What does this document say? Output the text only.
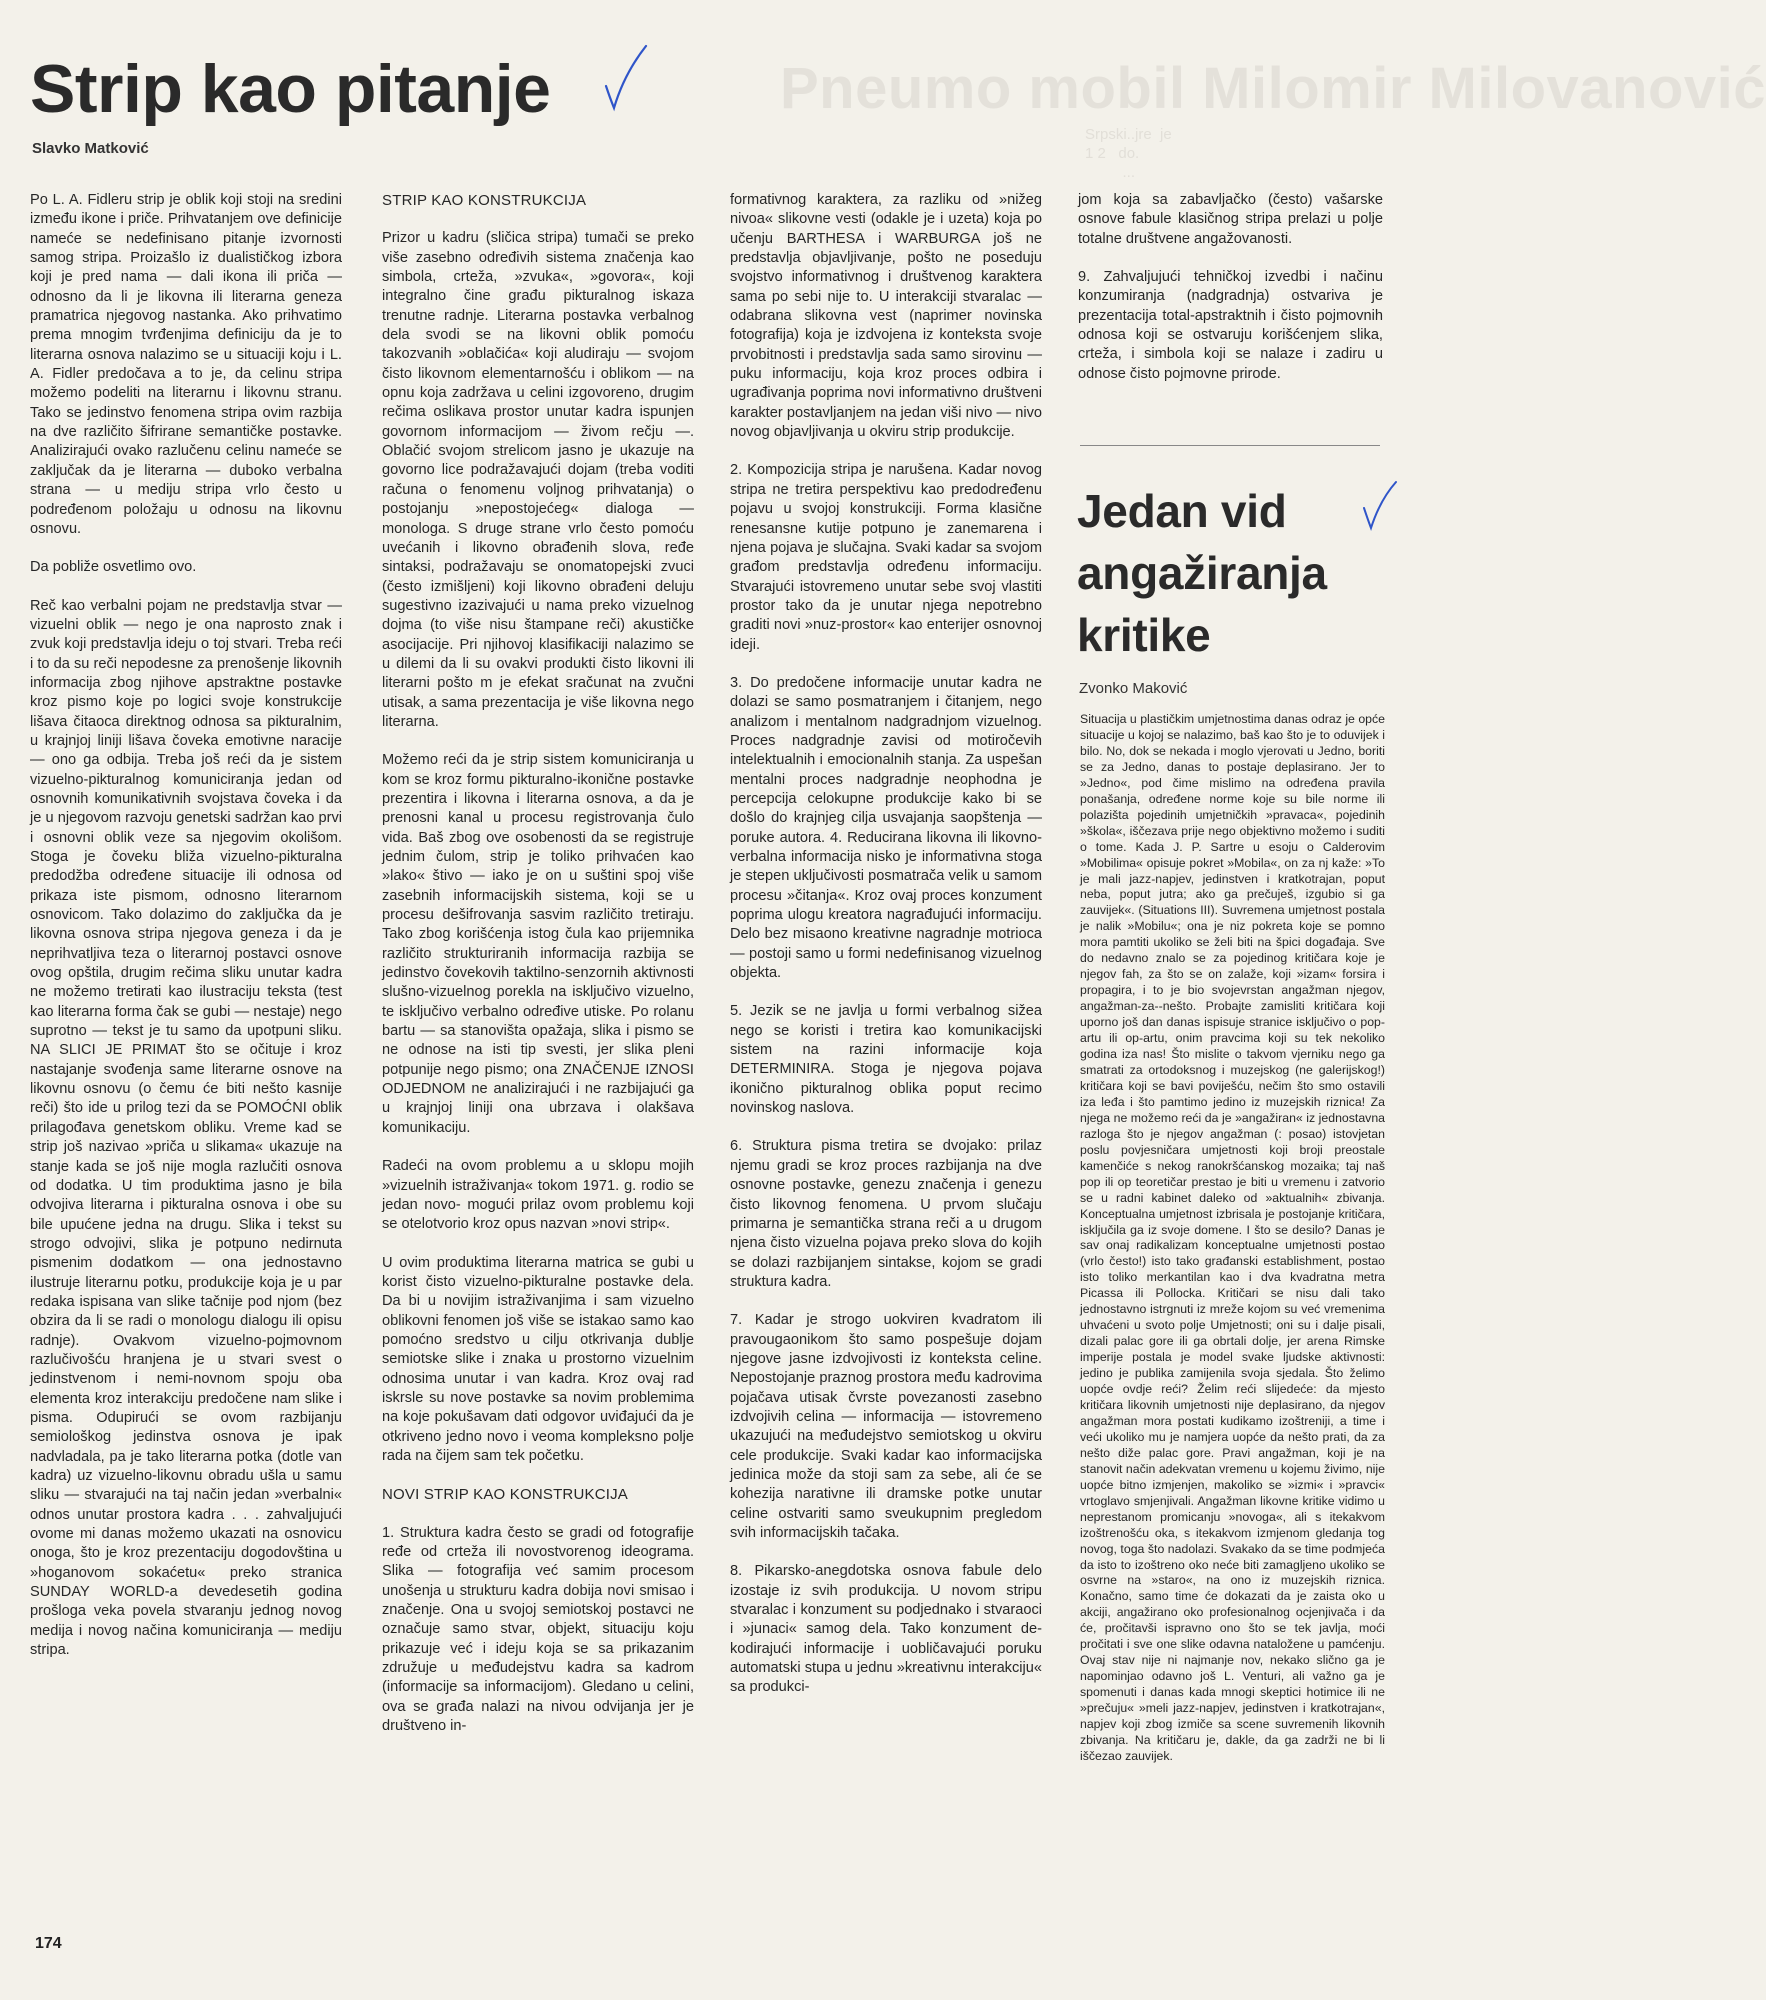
Pneumo mobil Milomir Milovanović
Srpski..jre  je
1 2   do.
...
Strip kao pitanje
Slavko Matković

Po L. A. Fidleru strip je oblik koji stoji na sredini između ikone i priče. Prihvatanjem ove definicije nameće se nedefinisano pitanje izvornosti samog stripa. Proizašlo iz dualističkog izbora koji je pred nama — dali ikona ili priča — odnosno da li je likovna ili literarna geneza pramatrica njegovog nastanka. Ako prihvatimo premа mnogim tvrđenjima definiciju da je to literarna osnova nalazimo se u situaciji koju i L. A. Fidler predočava a to je, da celinu stripa možemo podeliti na literarnu i likovnu stranu. Tako se jedinstvo fenomena stripa ovim razbija na dve različito šifrirane semantičke postavke. Analizirajući ovako razlučenu celinu nameće se zaključak da je literarna — duboko verbalna strana — u mediju stripa vrlo često u podređenom položaju u odnosu na likovnu osnovu.

Da pobliže osvetlimo ovo.

Reč kao verbalni pojam ne predstavlja stvar — vizuelni oblik — nego je ona naprosto znak i zvuk koji predstavlja ideju o toj stvari. Treba reći i to da su reči nepodesne za prenošenje likovnih informacija zbog njihove apstraktne postavke kroz pismo koje po logici svoje konstrukcije lišava čitaoca direktnog odnosa sa pikturalnim, u krajnjoj liniji lišava čoveka emotivne naracije — ono ga odbija. Treba još reći da je sistem vizuelno-pikturalnog komuniciranja jedan od osnovnih komunikativnih svojstava čoveka i da je u njegovom razvoju genetski sadržan kao prvi i osnovni oblik veze sa njegovim okolišom. Stoga je čoveku bliža vizuelno-pikturalna predodžba određene situacije ili odnosa od prikaza iste pismom, odnosno literarnom osnovicom. Tako dolazimo do zaključka da je likovna osnova stripa njegova geneza i da je neprihvatljiva teza o literarnoj postavci osnove ovog opštila, drugim rečima sliku unutar kadra ne možemo tretirati kao ilustraciju teksta (test kao literarna forma čak se gubi — nestaje) nego suprotno — tekst je tu samo da upotpuni sliku. NA SLICI JE PRIMAT što se očituje i kroz nastajanje svođenja same literarne osnove na likovnu osnovu (o čemu će biti nešto kasnije reči) što ide u prilog tezi da se POMOĆNI oblik prilagođava genetskom obliku. Vreme kad se strip još nazivao »priča u slikama« ukazuje na stanje kada se još nije mogla razlučiti osnova od dodatka. U tim produktima jasno je bila odvojiva literarna i pikturalna osnova i obe su bile upućene jedna na drugu. Slika i tekst su strogo odvojivi, slika je potpuno nedirnuta pismenim dodatkom — ona jednostavno ilustruje literarnu potku, produkcije koja je u par redaka ispisana van slike tačnije pod njom (bez obzira da li se radi o monologu dialogu ili opisu radnje). Ovakvom vizuelno-pojmovnom razlučivošću hranjena je u stvari svest o jedinstvenom i nemi-novnom spoju oba elementa kroz interakciju predočene nam slike i pisma. Odupirući se ovom razbijanju semiološkog jedinstva osnova je ipak nadvladala, pa je tako literarna potka (dotle van kadra) uz vizuelno-likovnu obradu ušla u samu sliku — stvarajući na taj način jedan »verbalni« odnos unutar prostora kadra . . . zahvaljujući ovome mi danas možemo ukazati na osnovicu onoga, što je kroz prezentaciju dogodovština u »hoganovom sokaćetu« preko stranica SUNDAY WORLD-a devedesetih godina prošloga veka povela stvaranju jednog novog medija i novog načina komuniciranja — mediju stripa.

STRIP KAO KONSTRUKCIJA

Prizor u kadru (sličica stripa) tumači se preko više zasebno određivih sistema značenja kao simbola, crteža, »zvuka«, »govora«, koji integralno čine građu pikturalnog iskaza trenutne radnje. Literarna postavka verbalnog dela svodi se na likovni oblik pomoću takozvanih »oblačića« koji aludiraju — svojom čisto likovnom elementarnošću i oblikom — na opnu koja zadržava u celini izgovoreno, drugim rečima oslikava prostor unutar kadra ispunjen govornom informacijom — živom rečju —. Oblačić svojom strelicom jasno je ukazuje na govorno lice podražavajući dojam (treba voditi računa o fenomenu voljnog prihvatanja) o postojanju »nepostojećeg« dialoga — monologa. S druge strane vrlo često pomoću uvećanih i likovno obrađenih slova, ređe sintaksi, podražavaju se onomatopejski zvuci (često izmišljeni) koji likovno obrađeni deluju sugestivno izazivajući u nama preko vizuelnog dojma (to više nisu štampane reči) akustičke asocijacije. Pri njihovoj klasifikaciji nalazimo se u dilemi da li su ovakvi produkti čisto likovni ili literarni pošto m je efekat sračunat na zvučni utisak, a sama prezentacija je više likovna nego literarna.

Možemo reći da je strip sistem komuniciranja u kom se kroz formu pikturalno-ikoničnе postavke prezentira i likovna i literarna osnova, a da je prenosni kanal u procesu registrovanja čulo vida. Baš zbog ove osobenosti da se registruje jednim čulom, strip je toliko prihvaćen kao »lako« štivo — iako je on u suštini spoj više zasebnih informacijskih sistema, koji se u procesu dešifrovanja sasvim različito tretiraju. Tako zbog korišćenja istog čula kao prijemnika različito strukturiranih informacija razbija se jedinstvo čovekovih taktilno-senzornih aktivnosti slušno-vizuelnog porekla na isključivo vizuelno, te isključivo verbalno određive utiske. Po rolanu bartu — sa stanovišta opažaja, slika i pismo se ne odnose na isti tip svesti, jer slika pleni potpunije nego pismo; ona ZNAČENJE IZNOSI ODJEDNOM ne analizirajući i ne razbijajući ga u krajnjoj liniji ona ubrzava i olakšava komunikaciju.

Radeći na ovom problemu a u sklopu mojih »vizuelnih istraživanja« tokom 1971. g. rodio se jedan novo- mogući prilaz ovom problemu koji se otelotvorio kroz opus nazvan »novi strip«.

U ovim produktima literarna matrica se gubi u korist čisto vizuelno-pikturalne postavke dela. Da bi u novijim istraživanjima i sam vizuelno oblikovni fenomen još više se istakao samo kao pomoćno sredstvo u cilju otkrivanja dublje semiotske slike i znaka u prostorno vizuelnim odnosima unutar i van kadra. Kroz ovaj rad iskrsle su nove postavke sa novim problemima na koje pokušavam dati odgovor uviđajući da je otkriveno jedno novo i veoma kompleksno polje rada na čijem sam tek početku.

NOVI STRIP KAO KONSTRUKCIJA

1. Struktura kadra često se gradi od fotografije ređe od crteža ili novostvorenog ideograma. Slika — fotografija već samim procesom unošenja u strukturu kadra dobija novi smisao i značenje. Ona u svojoj semiotskoj postavci ne označuje samo stvar, objekt, situaciju koju prikazuje već i ideju koja se sa prikazanim združuje u međudejstvu kadra sa kadrom (informacije sa informacijom). Gledano u celini, ova se građa nalazi na nivou odvijanja jer je društveno in-

formativnog karaktera, za razliku od »nižeg nivoa« slikovne vesti (odakle je i uzeta) koja po učenju BARTHESA i WARBURGA još ne predstavlja objavljivanje, pošto ne poseduju svojstvo informativnog i društvenog karaktera sama po sebi nije to. U interakciji stvaralac — odabrana slikovna vest (naprimer novinska fotografija) koja je izdvojena iz konteksta svoje prvobitnosti i predstavlja sada samo sirovinu — puku informaciju, koja kroz proces odbira i ugrađivanja poprima novi informativno društveni karakter postavljanjem na jedan viši nivo — nivo novog objavljivanja u okviru strip produkcije.

2. Kompozicija stripa je narušena. Kadar novog stripa ne tretira perspektivu kao predodređenu pojavu u svojoj konstrukciji. Forma klasične renesansne kutije potpuno je zanemarena i njena pojava je slučajna. Svaki kadar sa svojom građom predstavlja određenu informaciju. Stvarajući istovremeno unutar sebe svoj vlastiti prostor tako da je unutar njega nepotrebno graditi novi »nuz-prostor« kao enterijer osnovnoj ideji.

3. Do predočene informacije unutar kadra ne dolazi se samo posmatranjem i čitanjem, nego analizom i mentalnom nadgradnjom vizuelnog. Proces nadgradnje zavisi od motiročevih intelektualnih i emocionalnih stanja. Za uspešan mentalni proces nadgradnje neophodna je percepcija celokupne produkcije kako bi se došlo do krajnjeg cilja usvajanja saopštenja — poruke autora. 4. Reducirana likovna ili likovno-verbalna informacija nisko je informativna stoga je stepen uključivosti posmatrača velik u samom procesu »čitanja«. Kroz ovaj proces konzument poprima ulogu kreatora nagrađujući informaciju. Delo bez misaono kreativne nagradnje motrioca — postoji samo u formi nedefinisanog vizuelnog objekta.

5. Jezik se ne javlja u formi verbalnog sižea nego se koristi i tretira kao komunikacijski sistem na razini informacije koja DETERMINIRA. Stoga je njegova pojava ikonično pikturalnog oblika poput recimo novinskog naslova.

6. Struktura pisma tretira se dvojako: prilaz njemu gradi se kroz proces razbijanja na dve osnovne postavke, genezu značenja i genezu čisto likovnog fenomena. U prvom slučaju primarna je semantička strana reči a u drugom njena čisto vizuelna pojava preko slova do kojih se dolazi razbijanjem sintakse, kojom se gradi struktura kadra.

7. Kadar je strogo uokviren kvadratom ili pravougaonikom što samo pospešuje dojam njegove jasne izdvojivosti iz konteksta celine. Nepostojanje praznog prostora među kadrovima pojačava utisak čvrste povezanosti zasebno izdvojivih celina — informacija — istovremeno ukazujući na međudejstvo semiotskog u okviru cele produkcije. Svaki kadar kao informacijska jedinica može da stoji sam za sebe, ali će se kohezija narativne ili dramske potke unutar celine ostvariti samo sveukupnim pregledom svih informacijskih tačaka.

8. Pikarsko-anegdotska osnova fabule delo izostaje iz svih produkcija. U novom stripu stvaralac i konzument su podjednako i stvaraoci i »junaci« samog dela. Tako konzument de-kodirajući informacije i uobličavajući poruku automatski stupa u jednu »kreativnu interakciju« sa produkci-

jom koja sa zabavljačko (često) vašarske osnove fabule klasičnog stripa prelazi u polje totalne društvene angažovanosti.

9. Zahvaljujući tehničkoj izvedbi i načinu konzumiranja (nadgradnja) ostvariva je prezentacija total-apstraktnih i čisto pojmovnih odnosa koji se ostvaruju korišćenjem slika, crteža, i simbola koji se nalaze i zadiru u odnose čisto pojmovne prirode.

Jedan vid angažiranja kritike
Zvonko Maković

Situacija u plastičkim umjetnostima danas odraz je opće situacije u kojoj se nalazimo, baš kao što je to oduvijek i bilo. No, dok se nekada i moglo vjerovati u Jedno, boriti se za Jedno, danas to postaje deplasirano. Jer to »Jedno«, pod čime mislimo na određena pravila ponašanja, određene norme koje su bile norme ili polazišta pojedinih umjetničkih »pravaca«, pojedinih »škola«, iščezava prije nego objektivno možemo i suditi o tome. Kada J. P. Sartre u esoju o Calderovim »Mobilima« opisuje pokret »Mobila«, on za nj kaže: »To je mali jazz-napjev, jedinstven i kratkotrajan, poput neba, poput jutra; ako ga prečuješ, izgubio si ga zauvijek«. (Situations III). Suvremena umjetnost postala je nalik »Mobilu«; ona je niz pokreta koje se pomno mora pamtiti ukoliko se želi biti na špici događaja. Sve do nedavno znalo se za pojedinog kritičara koje je njegov fah, za što se on zalaže, koji »izam« forsira i propagira, i to je bio svojevrstan angažman njegov, angažman-za--nešto. Probajte zamisliti kritičara koji uporno još dan danas ispisuje stranice isključivo o pop-artu ili op-artu, onim pravcima koji su tek nekoliko godina iza nas! Što mislite o takvom vjerniku nego ga smatrati za ortodoksnog i muzejskog (ne galerijskog!) kritičara koji se bavi poviješću, nečim što smo ostavili iza leđa i što pamtimo jedino iz muzejskih riznica! Za njega ne možemo reći da je »angažiran« iz jednostavna razloga što je njegov angažman (: posao) istovjetan poslu povjesničara umjetnosti koji broji preostale kamenčiće s nekog ranokršćanskog mozaika; taj naš pop ili op teoretičar prestao je biti u vremenu i zatvorio se u radni kabinet daleko od »aktualnih« zbivanja. Konceptualna umjetnost izbrisala je postojanje kritičara, isključila ga iz svoje domene. I što se desilo? Danas je sav onaj radikalizam konceptualne umjetnosti postao (vrlo često!) isto tako građanski establishment, postao isto toliko merkantilan kao i dva kvadratna metra Picassa ili Pollocka. Kritičari se nisu dali tako jednostavno istrgnuti iz mreže kojom su već vremenima uhvaćeni u svoto polje Umjetnosti; oni su i dalje pisali, dizali palac gore ili ga obrtali dolje, jer arena Rimske imperije postala je model svake ljudske aktivnosti: jedino je publika zamijenila svoja sjedala. Što želimo uopće ovdje reći? Želim reći slijedeće: da mjesto kritičara likovnih umjetnosti nije deplasirano, da njegov angažman mora postati kudikamo izoštreniji, a time i veći ukoliko mu je namjera uopće da nešto prati, da za nešto diže palac gore. Pravi angažman, koji je na stanovit način adekvatan vremenu u kojemu živimo, nije uopće bitno izmjenjen, makoliko se »izmi« i »pravci« vrtoglavo smjenjivali. Angažman likovne kritike vidimo u neprestanom promicanju »novoga«, ali s itekakvom izoštrenošću oka, s itekakvom izmjenom gledanja tog novog, toga što nadolazi. Svakako da se time podmjeća da isto to izoštreno oko neće biti zamagljeno ukoliko se osvrne na »staro«, na ono iz muzejskih riznica. Konačno, samo time će dokazati da je zaista oko u akciji, angažirano oko profesionalnog ocjenjivača i da će, pročitavši ispravno ono što se tek javlja, moći pročitati i sve one slike odavna nataložene u pamćenju. Ovaj stav nije ni najmanje nov, nekako slično ga je napominjao odavno još L. Venturi, ali važno ga je spomenuti i danas kada mnogi skeptici hotimice ili ne »prečuju« »meli jazz-napjev, jedinstven i kratkotrajan«, napjev koji zbog izmiče sa scene suvremenih likovnih zbivanja. Na kritičaru je, dakle, da ga zadrži ne bi li iščezao zauvijek.

174
